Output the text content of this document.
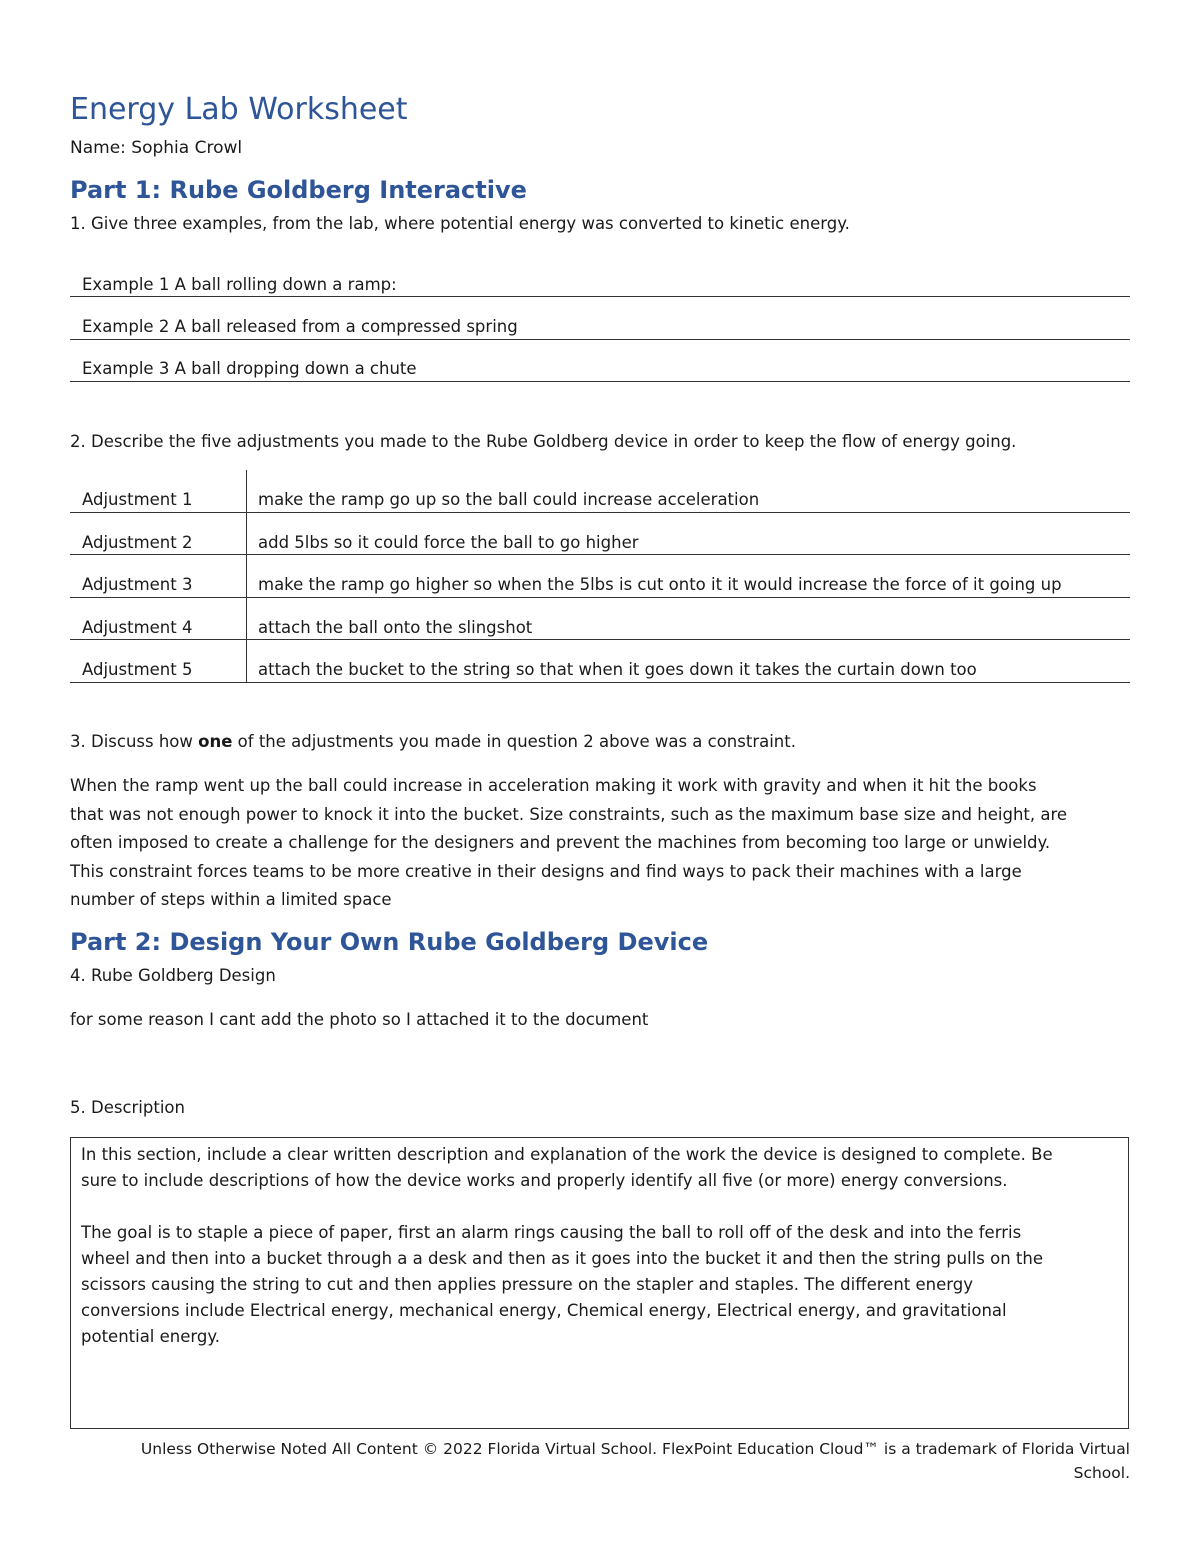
Energy Lab Worksheet
Name: Sophia Crowl
Part 1: Rube Goldberg Interactive
1. Give three examples, from the lab, where potential energy was converted to kinetic energy.
Example 1 A ball rolling down a ramp:
Example 2 A ball released from a compressed spring
Example 3 A ball dropping down a chute
2. Describe the five adjustments you made to the Rube Goldberg device in order to keep the flow of energy going.
Adjustment 1	make the ramp go up so the ball could increase acceleration
Adjustment 2	add 5lbs so it could force the ball to go higher
Adjustment 3	make the ramp go higher so when the 5lbs is cut onto it it would increase the force of it going up
Adjustment 4	attach the ball onto the slingshot
Adjustment 5	attach the bucket to the string so that when it goes down it takes the curtain down too
3. Discuss how one of the adjustments you made in question 2 above was a constraint.

When the ramp went up the ball could increase in acceleration making it work with gravity and when it hit the books

that was not enough power to knock it into the bucket. Size constraints, such as the maximum base size and height, are

often imposed to create a challenge for the designers and prevent the machines from becoming too large or unwieldy.

This constraint forces teams to be more creative in their designs and find ways to pack their machines with a large

number of steps within a limited space

Part 2: Design Your Own Rube Goldberg Device
4. Rube Goldberg Design
for some reason I cant add the photo so I attached it to the document
5. Description

In this section, include a clear written description and explanation of the work the device is designed to complete. Be

sure to include descriptions of how the device works and properly identify all five (or more) energy conversions.

The goal is to staple a piece of paper, first an alarm rings causing the ball to roll off of the desk and into the ferris

wheel and then into a bucket through a a desk and then as it goes into the bucket it and then the string pulls on the

scissors causing the string to cut and then applies pressure on the stapler and staples. The different energy

conversions include Electrical energy, mechanical energy, Chemical energy, Electrical energy, and gravitational

potential energy.

Unless Otherwise Noted All Content © 2022 Florida Virtual School. FlexPoint Education Cloud™ is a trademark of Florida Virtual
School.
